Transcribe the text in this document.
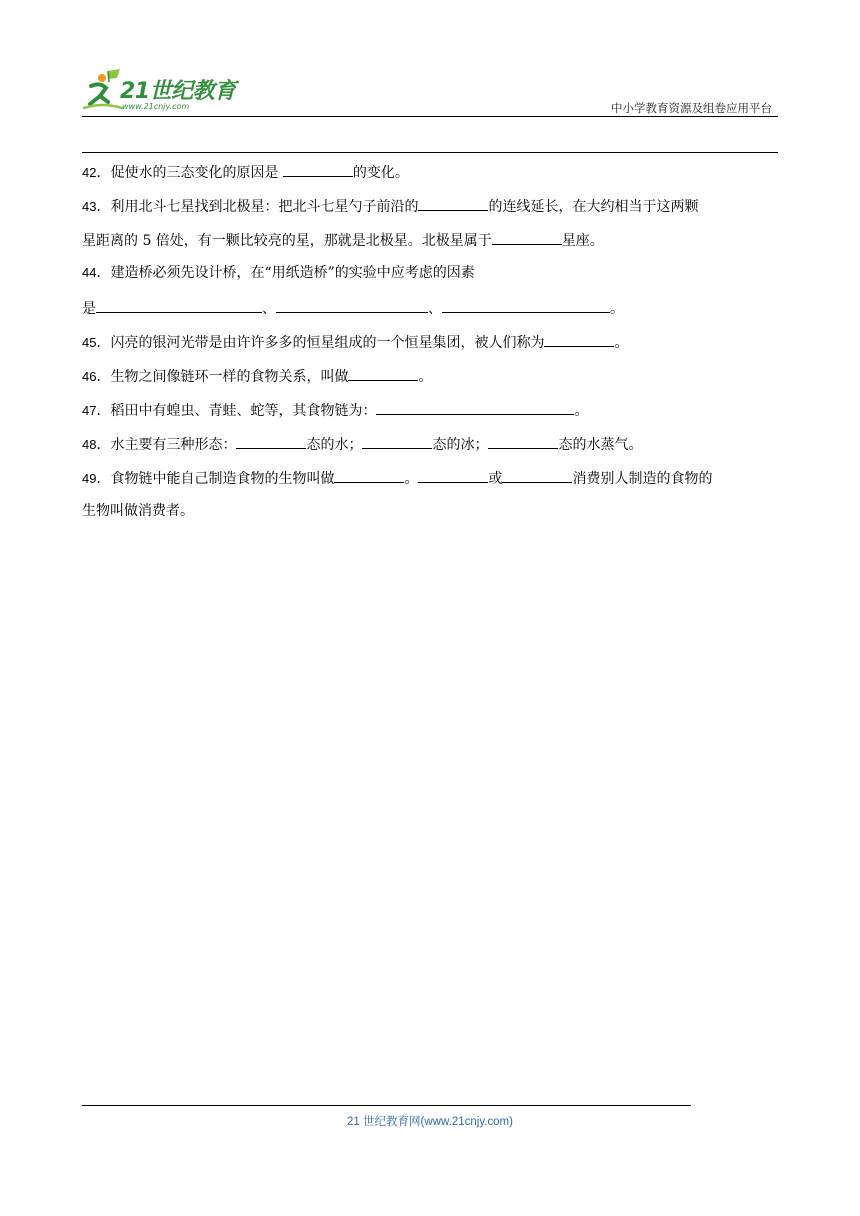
21世纪教育
www.21cnjy.com	中小学教育资源及组卷应用平台
42．促使水的三态变化的原因是	的变化。
43．利用北斗七星找到北极星：把北斗七星勺子前沿的	的连线延长，在大约相当于这两颗
星距离的 5 倍处，有一颗比较亮的星，那就是北极星。北极星属于	星座。
44．建造桥必须先设计桥，在“用纸造桥”的实验中应考虑的因素
是	、	、	。
45．闪亮的银河光带是由许许多多的恒星组成的一个恒星集团，被人们称为	。
46．生物之间像链环一样的食物关系，叫做	。
47．稻田中有蝗虫、青蛙、蛇等，其食物链为：	。
48．水主要有三种形态：	态的水；	态的冰；	态的水蒸气。
49．食物链中能自己制造食物的生物叫做	。	或	消费别人制造的食物的
生物叫做消费者。
21 世纪教育网(www.21cnjy.com)
